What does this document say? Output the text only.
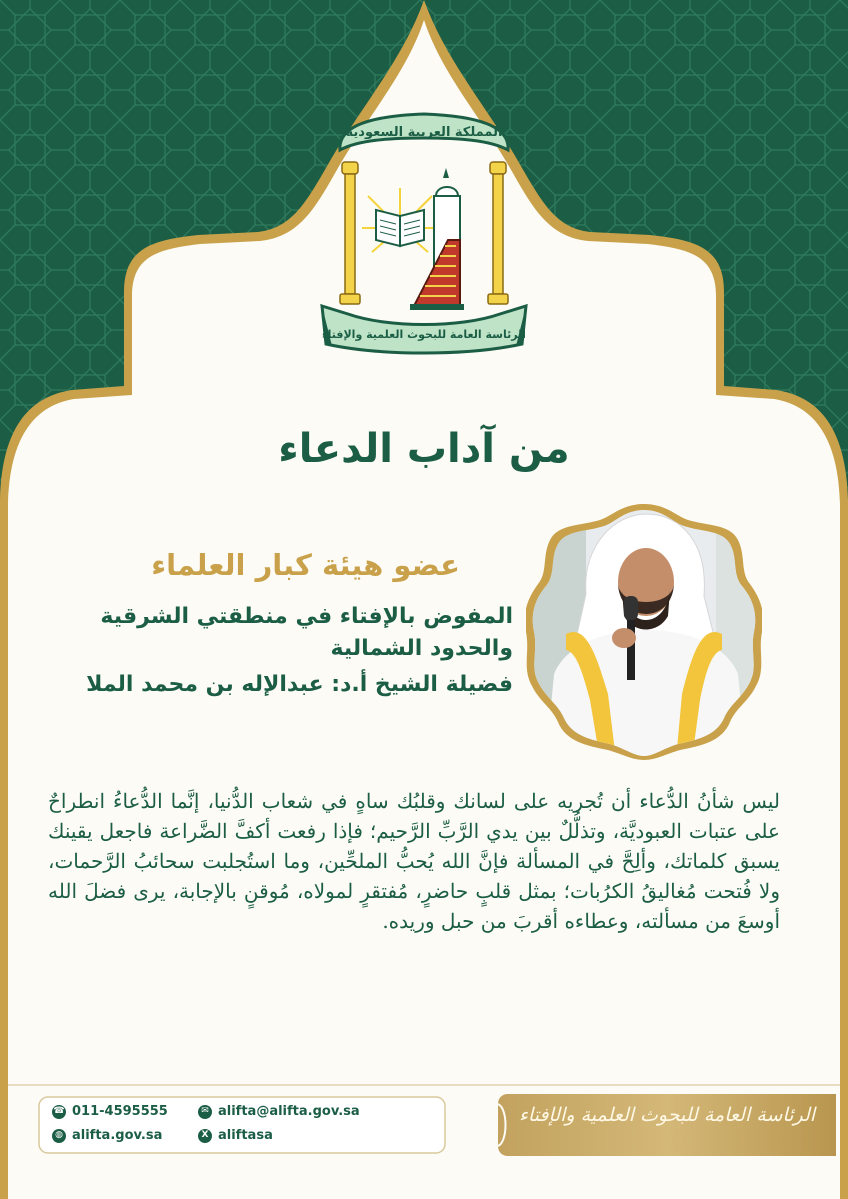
المملكة العربية السعودية
الرئاسة العامة للبحوث العلمية والإفتاء
من آداب الدعاء
عضو هيئة كبار العلماء
المفوض بالإفتاء في منطقتي الشرقية
والحدود الشمالية
فضيلة الشيخ أ.د: عبدالإله بن محمد الملا
ليس شأنُ الدُّعاء أن تُجريه على لسانك وقلبُك ساهٍ في شعاب الدُّنيا، إنَّما الدُّعاءُ انطراحٌ على عتبات العبوديَّة، وتذلُّلٌ بين يدي الرَّبِّ الرَّحيم؛ فإذا رفعت أكفَّ الضَّراعة فاجعل يقينك يسبق كلماتك، وألِحَّ في المسألة فإنَّ الله يُحبُّ الملحِّين، وما استُجلبت سحائبُ الرَّحمات، ولا فُتحت مُغاليقُ الكرُبات؛ بمثل قلبٍ حاضرٍ، مُفتقرٍ لمولاه، مُوقنٍ بالإجابة، يرى فضلَ الله أوسعَ من مسألته، وعطاءه أقربَ من حبل وريده.
☎ 011-4595555	✉ alifta@alifta.gov.sa
◍ alifta.gov.sa	X aliftasa
الرئاسة العامة للبحوث العلمية والإفتاء
